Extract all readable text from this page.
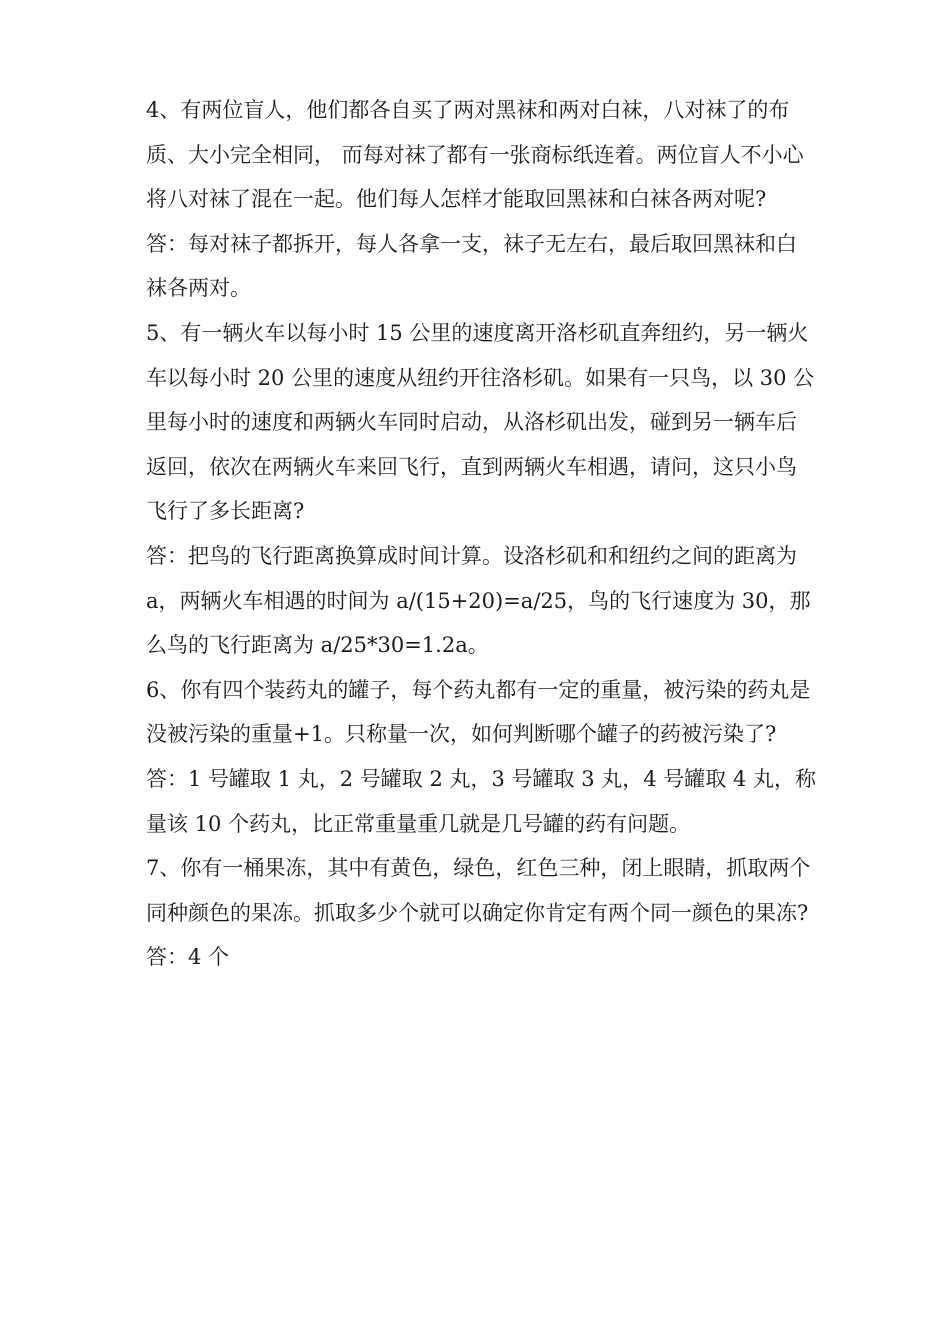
4、有两位盲人，他们都各自买了两对黑袜和两对白袜，八对袜了的布质、大小完全相同， 而每对袜了都有一张商标纸连着。两位盲人不小心将八对袜了混在一起。他们每人怎样才能取回黑袜和白袜各两对呢?

答：每对袜子都拆开，每人各拿一支，袜子无左右，最后取回黑袜和白袜各两对。

5、有一辆火车以每小时 15 公里的速度离开洛杉矶直奔纽约，另一辆火车以每小时 20 公里的速度从纽约开往洛杉矶。如果有一只鸟，以 30 公里每小时的速度和两辆火车同时启动，从洛杉矶出发，碰到另一辆车后返回，依次在两辆火车来回飞行，直到两辆火车相遇，请问，这只小鸟飞行了多长距离?

答：把鸟的飞行距离换算成时间计算。设洛杉矶和和纽约之间的距离为 a，两辆火车相遇的时间为 a/(15+20)=a/25，鸟的飞行速度为 30，那么鸟的飞行距离为 a/25*30=1.2a。

6、你有四个装药丸的罐子，每个药丸都有一定的重量，被污染的药丸是没被污染的重量+1。只称量一次，如何判断哪个罐子的药被污染了?

答：1 号罐取 1 丸，2 号罐取 2 丸，3 号罐取 3 丸，4 号罐取 4 丸，称量该 10 个药丸，比正常重量重几就是几号罐的药有问题。

7、你有一桶果冻，其中有黄色，绿色，红色三种，闭上眼睛，抓取两个同种颜色的果冻。抓取多少个就可以确定你肯定有两个同一颜色的果冻?

答：4 个
